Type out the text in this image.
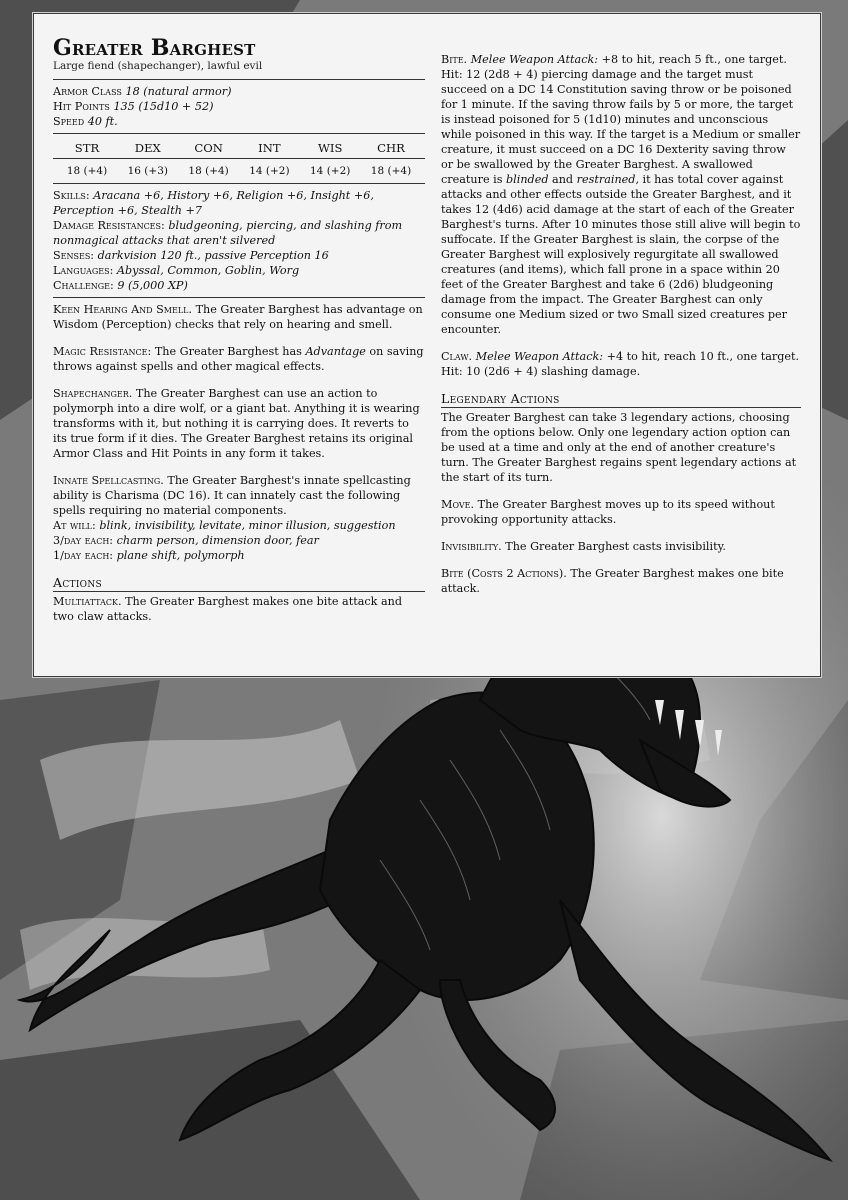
Greater Barghest
Large fiend (shapechanger), lawful evil
Armor Class 18 (natural armor)
Hit Points 135 (15d10 + 52)
Speed 40 ft.
STR	DEX	CON	INT	WIS	CHR
18 (+4)	16 (+3)	18 (+4)	14 (+2)	14 (+2)	18 (+4)
Skills: Aracana +6, History +6, Religion +6, Insight +6, Perception +6, Stealth +7
Damage Resistances: bludgeoning, piercing, and slashing from nonmagical attacks that aren't silvered
Senses: darkvision 120 ft., passive Perception 16
Languages: Abyssal, Common, Goblin, Worg
Challenge: 9 (5,000 XP)

Keen Hearing And Smell. The Greater Barghest has advantage on Wisdom (Perception) checks that rely on hearing and smell.

Magic Resistance: The Greater Barghest has Advantage on saving throws against spells and other magical effects.

Shapechanger. The Greater Barghest can use an action to polymorph into a dire wolf, or a giant bat. Anything it is wearing transforms with it, but nothing it is carrying does. It reverts to its true form if it dies. The Greater Barghest retains its original Armor Class and Hit Points in any form it takes.

Innate Spellcasting. The Greater Barghest's innate spellcasting ability is Charisma (DC 16). It can innately cast the following spells requiring no material components.

At will: blink, invisibility, levitate, minor illusion, suggestion
3/day each: charm person, dimension door, fear
1/day each: plane shift, polymorph
Actions

Multiattack. The Greater Barghest makes one bite attack and two claw attacks.

Bite. Melee Weapon Attack: +8 to hit, reach 5 ft., one target. Hit: 12 (2d8 + 4) piercing damage and the target must succeed on a DC 14 Constitution saving throw or be poisoned for 1 minute. If the saving throw fails by 5 or more, the target is instead poisoned for 5 (1d10) minutes and unconscious while poisoned in this way. If the target is a Medium or smaller creature, it must succeed on a DC 16 Dexterity saving throw or be swallowed by the Greater Barghest. A swallowed creature is blinded and restrained, it has total cover against attacks and other effects outside the Greater Barghest, and it takes 12 (4d6) acid damage at the start of each of the Greater Barghest's turns. After 10 minutes those still alive will begin to suffocate. If the Greater Barghest is slain, the corpse of the Greater Barghest will explosively regurgitate all swallowed creatures (and items), which fall prone in a space within 20 feet of the Greater Barghest and take 6 (2d6) bludgeoning damage from the impact. The Greater Barghest can only consume one Medium sized or two Small sized creatures per encounter.

Claw. Melee Weapon Attack: +4 to hit, reach 10 ft., one target. Hit: 10 (2d6 + 4) slashing damage.

Legendary Actions

The Greater Barghest can take 3 legendary actions, choosing from the options below. Only one legendary action option can be used at a time and only at the end of another creature's turn. The Greater Barghest regains spent legendary actions at the start of its turn.

Move. The Greater Barghest moves up to its speed without provoking opportunity attacks.

Invisibility. The Greater Barghest casts invisibility.

Bite (Costs 2 Actions). The Greater Barghest makes one bite attack.
